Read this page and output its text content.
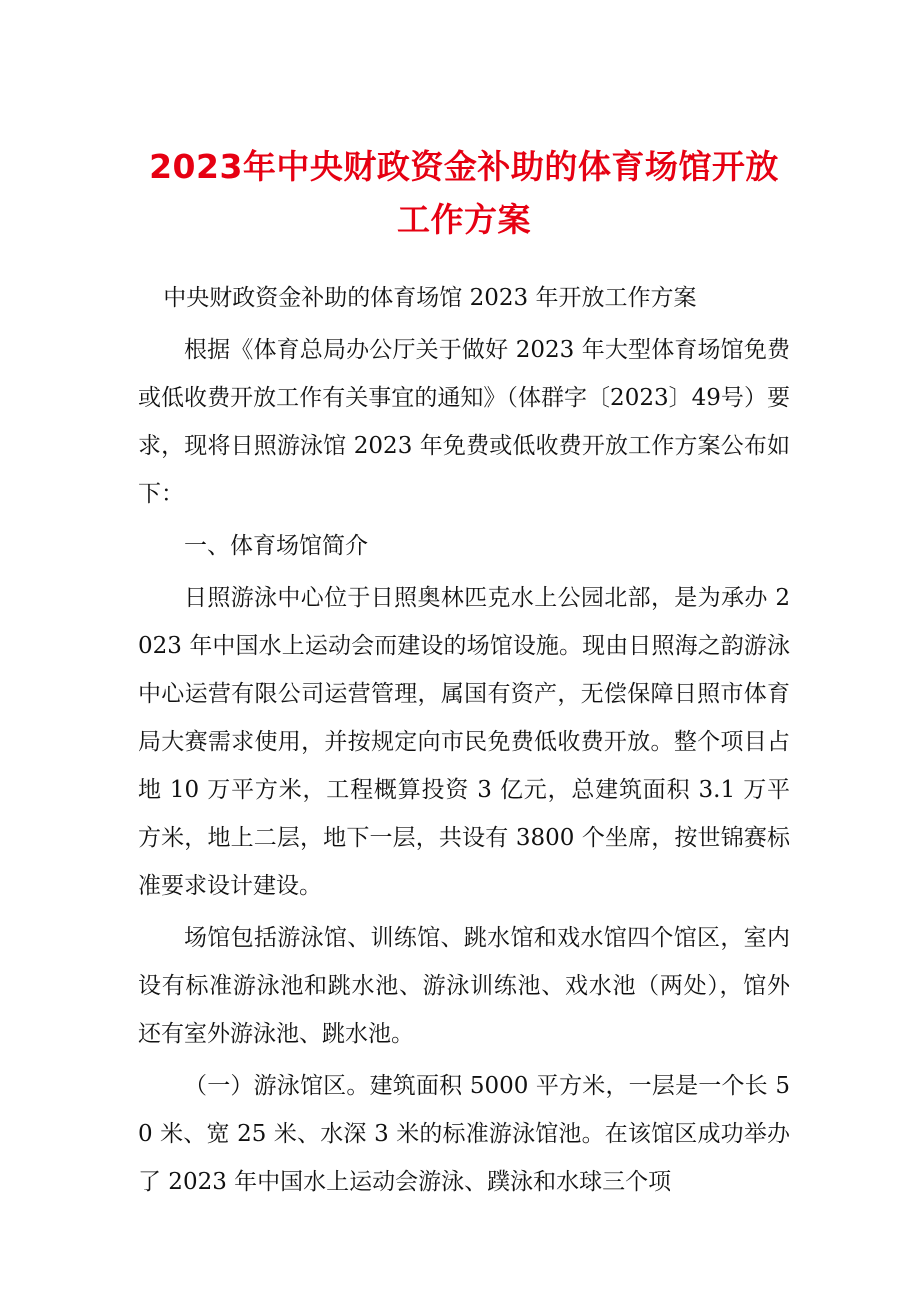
2023年中央财政资金补助的体育场馆开放
工作方案

中央财政资金补助的体育场馆 2023 年开放工作方案

根据《体育总局办公厅关于做好 2023 年大型体育场馆免费或低收费开放工作有关事宜的通知》（体群字〔2023〕49号）要求，现将日照游泳馆 2023 年免费或低收费开放工作方案公布如下：

一、体育场馆简介

日照游泳中心位于日照奥林匹克水上公园北部，是为承办 2023 年中国水上运动会而建设的场馆设施。现由日照海之韵游泳中心运营有限公司运营管理，属国有资产，无偿保障日照市体育局大赛需求使用，并按规定向市民免费低收费开放。整个项目占地 10 万平方米，工程概算投资 3 亿元，总建筑面积 3.1 万平方米，地上二层，地下一层，共设有 3800 个坐席，按世锦赛标准要求设计建设。

场馆包括游泳馆、训练馆、跳水馆和戏水馆四个馆区，室内设有标准游泳池和跳水池、游泳训练池、戏水池（两处），馆外还有室外游泳池、跳水池。

（一）游泳馆区。建筑面积 5000 平方米，一层是一个长 50 米、宽 25 米、水深 3 米的标准游泳馆池。在该馆区成功举办了 2023 年中国水上运动会游泳、蹼泳和水球三个项
